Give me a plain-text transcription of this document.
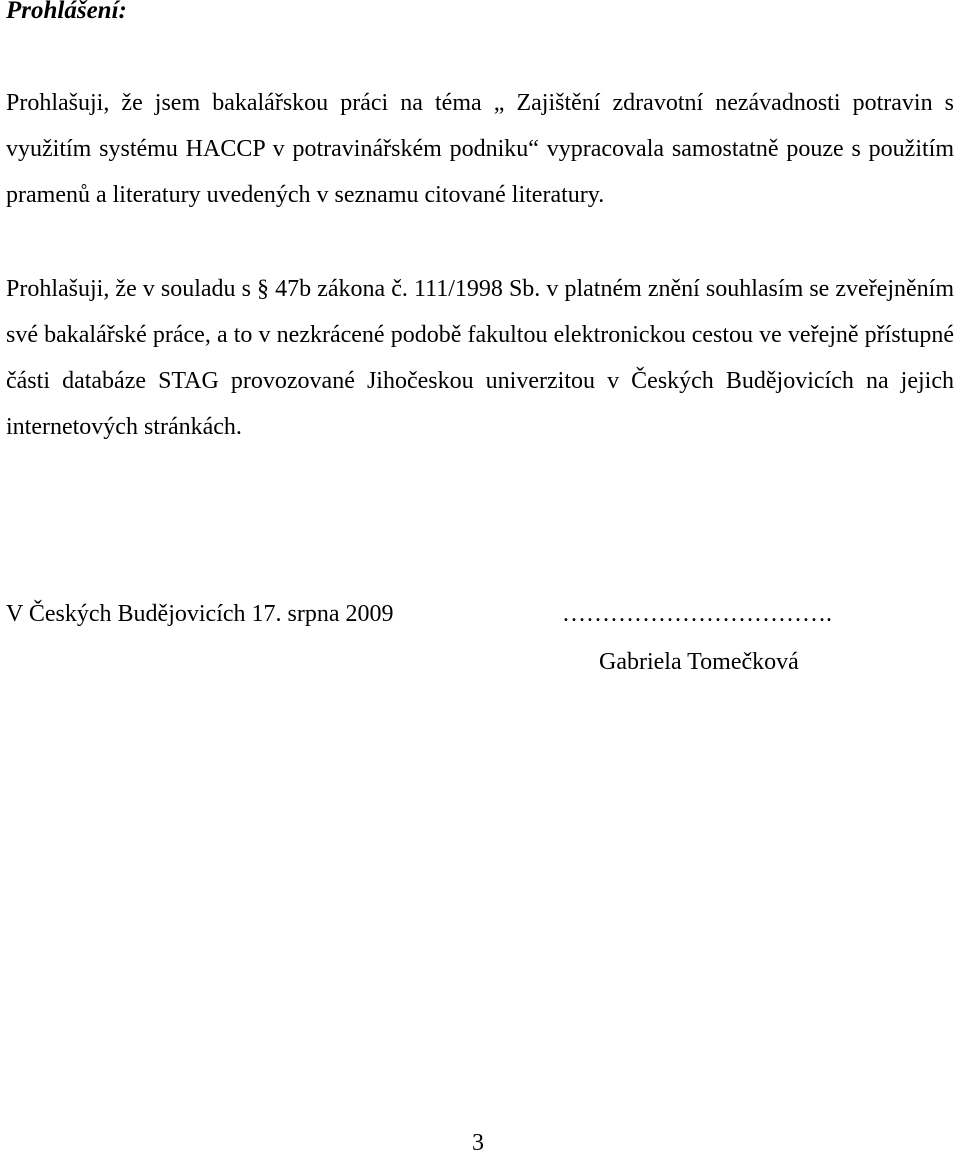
Prohlášení:

Prohlašuji, že jsem bakalářskou práci na téma „ Zajištění zdravotní nezávadnosti potravin s využitím systému HACCP v potravinářském podniku“ vypracovala samostatně pouze s použitím pramenů a literatury uvedených v seznamu citované literatury.

Prohlašuji, že v souladu s § 47b zákona č. 111/1998 Sb. v platném znění souhlasím se zveřejněním své bakalářské práce, a to v nezkrácené podobě fakultou elektronickou cestou ve veřejně přístupné části databáze STAG provozované Jihočeskou univerzitou v Českých Budějovicích na jejich internetových stránkách.

V Českých Budějovicích 17. srpna 2009	…………………………….
Gabriela Tomečková
3
